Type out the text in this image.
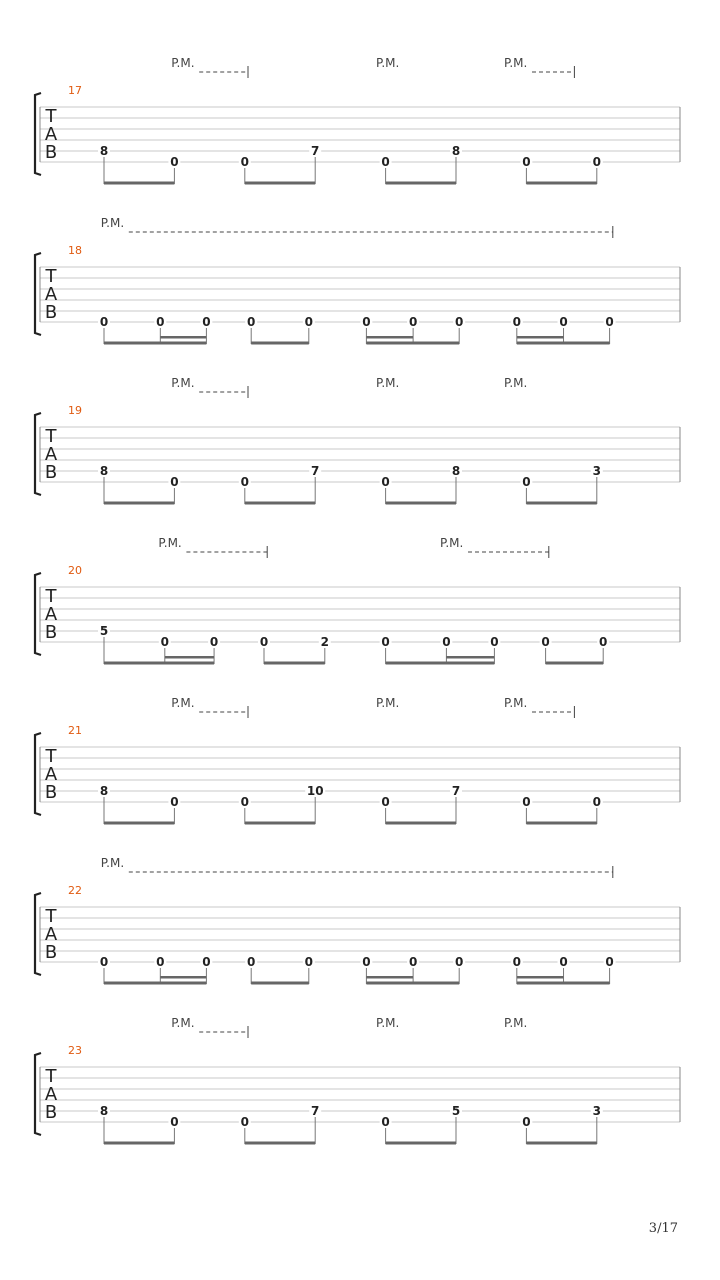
T
A
B
17
P.M.	P.M.	P.M.
8
0	0
7
0
8
0	0
T
A
B
18
P.M.
0	0	0	0	0	0	0	0	0	0	0
T
A
B
19
P.M.	P.M.	P.M.
8
0	0
7
0
8
0
3
T
A
B
20
P.M.	P.M.
5
0	0	0	2	0	0	0	0	0
T
A
B
21
P.M.	P.M.	P.M.
8
0	0
10
0
7
0	0
T
A
B
22
P.M.
0	0	0	0	0	0	0	0	0	0	0
T
A
B
23
P.M.	P.M.	P.M.
8
0	0
7
0
5
0
3
3/17
